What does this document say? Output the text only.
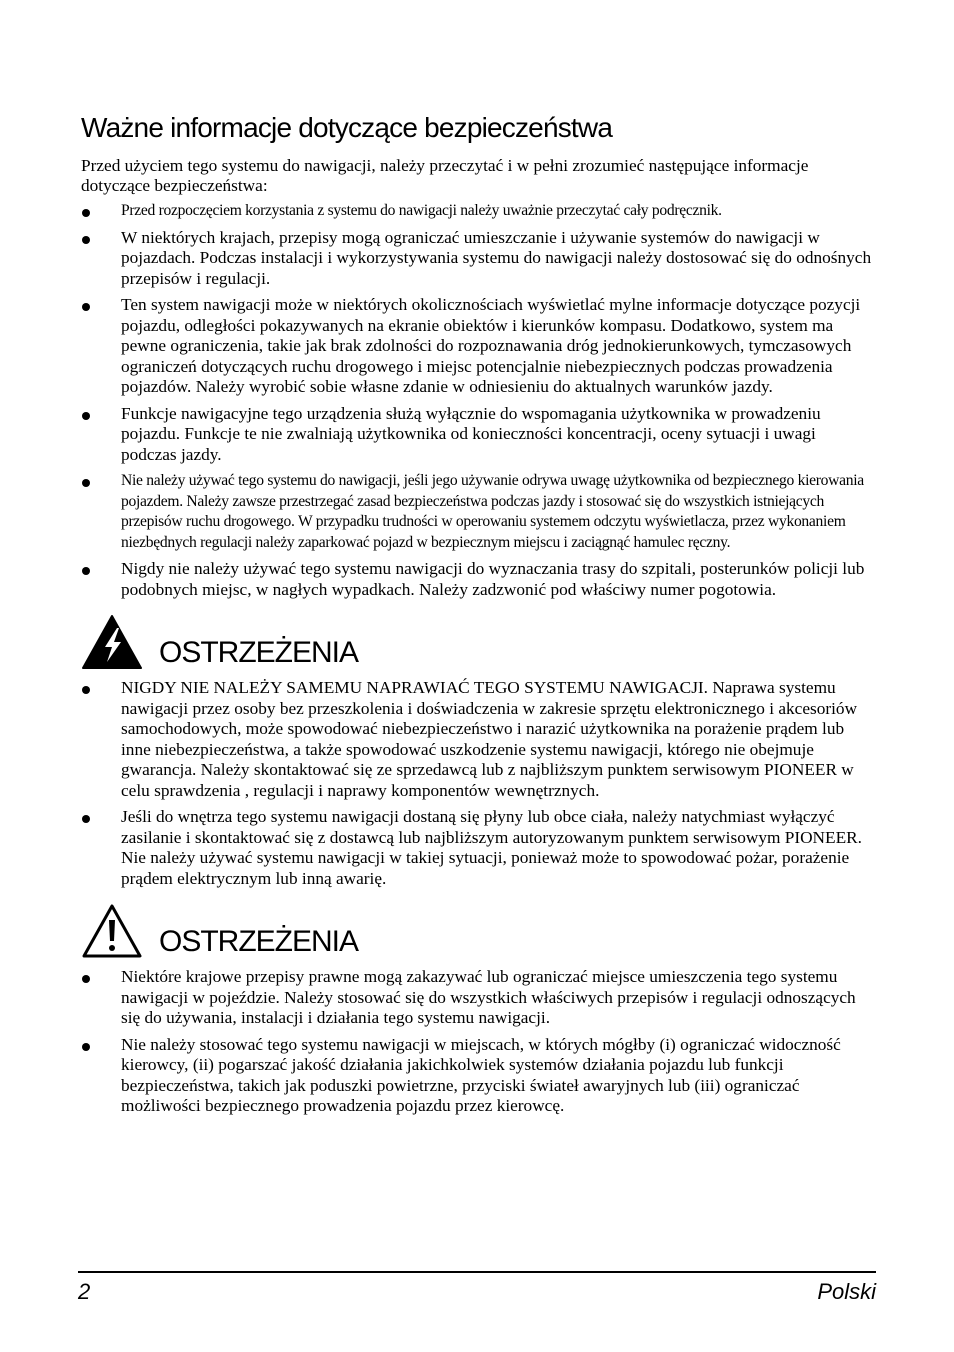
Ważne informacje dotyczące bezpieczeństwa

Przed użyciem tego systemu do nawigacji, należy przeczytać i w pełni zrozumieć następujące informacje dotyczące bezpieczeństwa:

Przed rozpoczęciem korzystania z systemu do nawigacji należy uważnie przeczytać cały podręcznik.
W niektórych krajach, przepisy mogą ograniczać umieszczanie i używanie systemów do nawigacji w pojazdach. Podczas instalacji i wykorzystywania systemu do nawigacji należy dostosować się do odnośnych przepisów i regulacji.
Ten system nawigacji może w niektórych okolicznościach wyświetlać mylne informacje dotyczące pozycji pojazdu, odległości pokazywanych na ekranie obiektów i kierunków kompasu. Dodatkowo, system ma pewne ograniczenia, takie jak brak zdolności do rozpoznawania dróg jednokierunkowych, tymczasowych ograniczeń dotyczących ruchu drogowego i miejsc potencjalnie niebezpiecznych podczas prowadzenia pojazdów. Należy wyrobić sobie własne zdanie w odniesieniu do aktualnych warunków jazdy.
Funkcje nawigacyjne tego urządzenia służą wyłącznie do wspomagania użytkownika w prowadzeniu pojazdu. Funkcje te nie zwalniają użytkownika od konieczności koncentracji, oceny sytuacji i uwagi podczas jazdy.
Nie należy używać tego systemu do nawigacji, jeśli jego używanie odrywa uwagę użytkownika od bezpiecznego kierowania pojazdem. Należy zawsze przestrzegać zasad bezpieczeństwa podczas jazdy i stosować się do wszystkich istniejących przepisów ruchu drogowego. W przypadku trudności w operowaniu systemem odczytu wyświetlacza, przez wykonaniem niezbędnych regulacji należy zaparkować pojazd w bezpiecznym miejscu i zaciągnąć hamulec ręczny.
Nigdy nie należy używać tego systemu nawigacji do wyznaczania trasy do szpitali, posterunków policji lub podobnych miejsc, w nagłych wypadkach. Należy zadzwonić pod właściwy numer pogotowia.
OSTRZEŻENIA
NIGDY NIE NALEŻY SAMEMU NAPRAWIAĆ TEGO SYSTEMU NAWIGACJI. Naprawa systemu nawigacji przez osoby bez przeszkolenia i doświadczenia w zakresie sprzętu elektronicznego i akcesoriów samochodowych, może spowodować niebezpieczeństwo i narazić użytkownika na porażenie prądem lub inne niebezpieczeństwa, a także spowodować uszkodzenie systemu nawigacji, którego nie obejmuje gwarancja. Należy skontaktować się ze sprzedawcą lub z najbliższym punktem serwisowym PIONEER w celu sprawdzenia , regulacji i naprawy komponentów wewnętrznych.
Jeśli do wnętrza tego systemu nawigacji dostaną się płyny lub obce ciała, należy natychmiast wyłączyć zasilanie i skontaktować się z dostawcą lub najbliższym autoryzowanym punktem serwisowym PIONEER. Nie należy używać systemu nawigacji w takiej sytuacji, ponieważ może to spowodować pożar, porażenie prądem elektrycznym lub inną awarię.
OSTRZEŻENIA
Niektóre krajowe przepisy prawne mogą zakazywać lub ograniczać miejsce umieszczenia tego systemu nawigacji w pojeździe. Należy stosować się do wszystkich właściwych przepisów i regulacji odnoszących się do używania, instalacji i działania tego systemu nawigacji.
Nie należy stosować tego systemu nawigacji w miejscach, w których mógłby (i) ograniczać widoczność kierowcy, (ii) pogarszać jakość działania jakichkolwiek systemów działania pojazdu lub funkcji bezpieczeństwa, takich jak poduszki powietrzne, przyciski świateł awaryjnych lub (iii) ograniczać możliwości bezpiecznego prowadzenia pojazdu przez kierowcę.
2	Polski
